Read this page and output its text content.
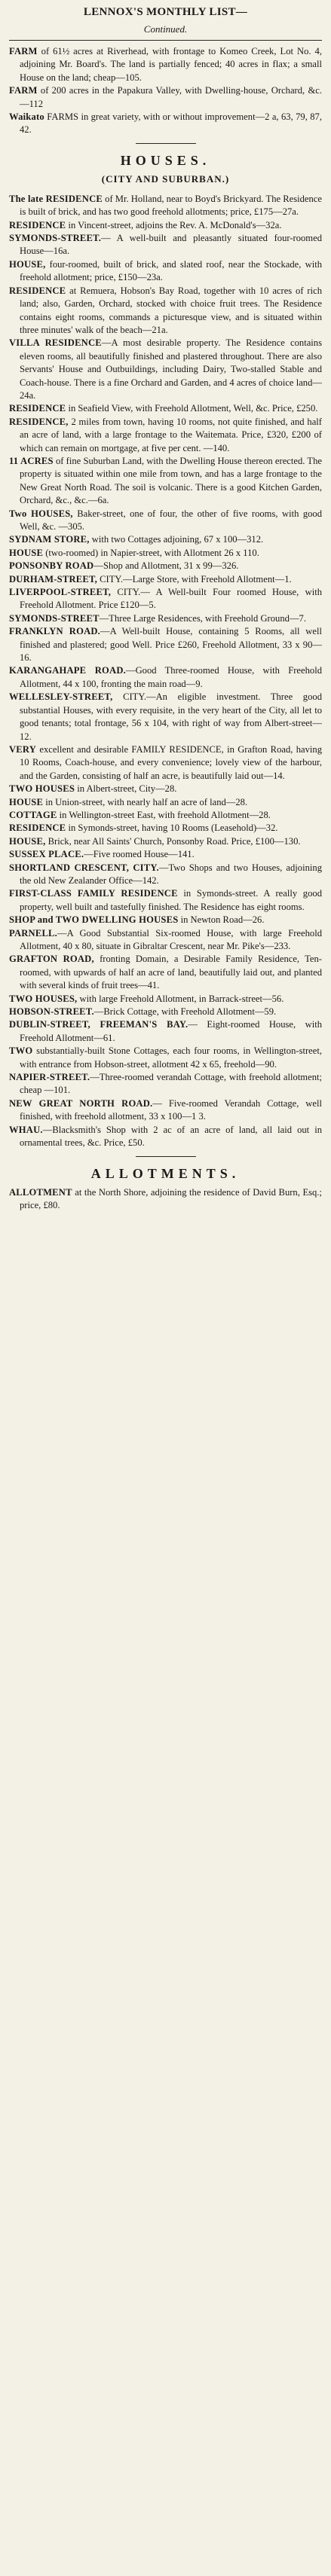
LENNOX'S MONTHLY LIST—
Continued.

FARM of 61½ acres at Riverhead, with frontage to Komeo Creek, Lot No. 4, adjoining Mr. Board's. The land is partially fenced; 40 acres in flax; a small House on the land; cheap—105.

FARM of 200 acres in the Papakura Valley, with Dwelling-house, Orchard, &c.—112

Waikato FARMS in great variety, with or without improvement—2 a, 63, 79, 87, 42.

HOUSES.
(CITY AND SUBURBAN.)

The late RESIDENCE of Mr. Holland, near to Boyd's Brickyard. The Residence is built of brick, and has two good freehold allotments; price, £175—27a.

RESIDENCE in Vincent-street, adjoins the Rev. A. McDonald's—32a.

SYMONDS-STREET.— A well-built and pleasantly situated four-roomed House—16a.

HOUSE, four-roomed, built of brick, and slated roof, near the Stockade, with freehold allotment; price, £150—23a.

RESIDENCE at Remuera, Hobson's Bay Road, together with 10 acres of rich land; also, Garden, Orchard, stocked with choice fruit trees. The Residence contains eight rooms, commands a picturesque view, and is situated within three minutes' walk of the beach—21a.

VILLA RESIDENCE—A most desirable property. The Residence contains eleven rooms, all beautifully finished and plastered throughout. There are also Servants' House and Outbuildings, including Dairy, Two-stalled Stable and Coach-house. There is a fine Orchard and Garden, and 4 acres of choice land—24a.

RESIDENCE in Seafield View, with Freehold Allotment, Well, &c. Price, £250.

RESIDENCE, 2 miles from town, having 10 rooms, not quite finished, and half an acre of land, with a large frontage to the Waitemata. Price, £320, £200 of which can remain on mortgage, at five per cent. —140.

11 ACRES of fine Suburban Land, with the Dwelling House thereon erected. The property is situated within one mile from town, and has a large frontage to the New Great North Road. The soil is volcanic. There is a good Kitchen Garden, Orchard, &c., &c.—6a.

Two HOUSES, Baker-street, one of four, the other of five rooms, with good Well, &c. —305.

SYDNAM STORE, with two Cottages adjoining, 67 x 100—312.

HOUSE (two-roomed) in Napier-street, with Allotment 26 x 110.

PONSONBY ROAD—Shop and Allotment, 31 x 99—326.

DURHAM-STREET, CITY.—Large Store, with Freehold Allotment—1.

LIVERPOOL-STREET, CITY.— A Well-built Four roomed House, with Freehold Allotment. Price £120—5.

SYMONDS-STREET—Three Large Residences, with Freehold Ground—7.

FRANKLYN ROAD.—A Well-built House, containing 5 Rooms, all well finished and plastered; good Well. Price £260, Freehold Allotment, 33 x 90—16.

KARANGAHAPE ROAD.—Good Three-roomed House, with Freehold Allotment, 44 x 100, fronting the main road—9.

WELLESLEY-STREET, CITY.—An eligible investment. Three good substantial Houses, with every requisite, in the very heart of the City, all let to good tenants; total frontage, 56 x 104, with right of way from Albert-street—12.

VERY excellent and desirable FAMILY RESIDENCE, in Grafton Road, having 10 Rooms, Coach-house, and every convenience; lovely view of the harbour, and the Garden, consisting of half an acre, is beautifully laid out—14.

TWO HOUSES in Albert-street, City—28.

HOUSE in Union-street, with nearly half an acre of land—28.

COTTAGE in Wellington-street East, with freehold Allotment—28.

RESIDENCE in Symonds-street, having 10 Rooms (Leasehold)—32.

HOUSE, Brick, near All Saints' Church, Ponsonby Road. Price, £100—130.

SUSSEX PLACE.—Five roomed House—141.

SHORTLAND CRESCENT, CITY.—Two Shops and two Houses, adjoining the old New Zealander Office—142.

FIRST-CLASS FAMILY RESIDENCE in Symonds-street. A really good property, well built and tastefully finished. The Residence has eight rooms.

SHOP and TWO DWELLING HOUSES in Newton Road—26.

PARNELL.—A Good Substantial Six-roomed House, with large Freehold Allotment, 40 x 80, situate in Gibraltar Crescent, near Mr. Pike's—233.

GRAFTON ROAD, fronting Domain, a Desirable Family Residence, Ten-roomed, with upwards of half an acre of land, beautifully laid out, and planted with several kinds of fruit trees—41.

TWO HOUSES, with large Freehold Allotment, in Barrack-street—56.

HOBSON-STREET.—Brick Cottage, with Freehold Allotment—59.

DUBLIN-STREET, FREEMAN'S BAY.— Eight-roomed House, with Freehold Allotment—61.

TWO substantially-built Stone Cottages, each four rooms, in Wellington-street, with entrance from Hobson-street, allotment 42 x 65, freehold—90.

NAPIER-STREET.—Three-roomed verandah Cottage, with freehold allotment; cheap —101.

NEW GREAT NORTH ROAD.— Five-roomed Verandah Cottage, well finished, with freehold allotment, 33 x 100—1 3.

WHAU.—Blacksmith's Shop with 2 ac of an acre of land, all laid out in ornamental trees, &c. Price, £50.

ALLOTMENTS.

ALLOTMENT at the North Shore, adjoining the residence of David Burn, Esq.; price, £80.
